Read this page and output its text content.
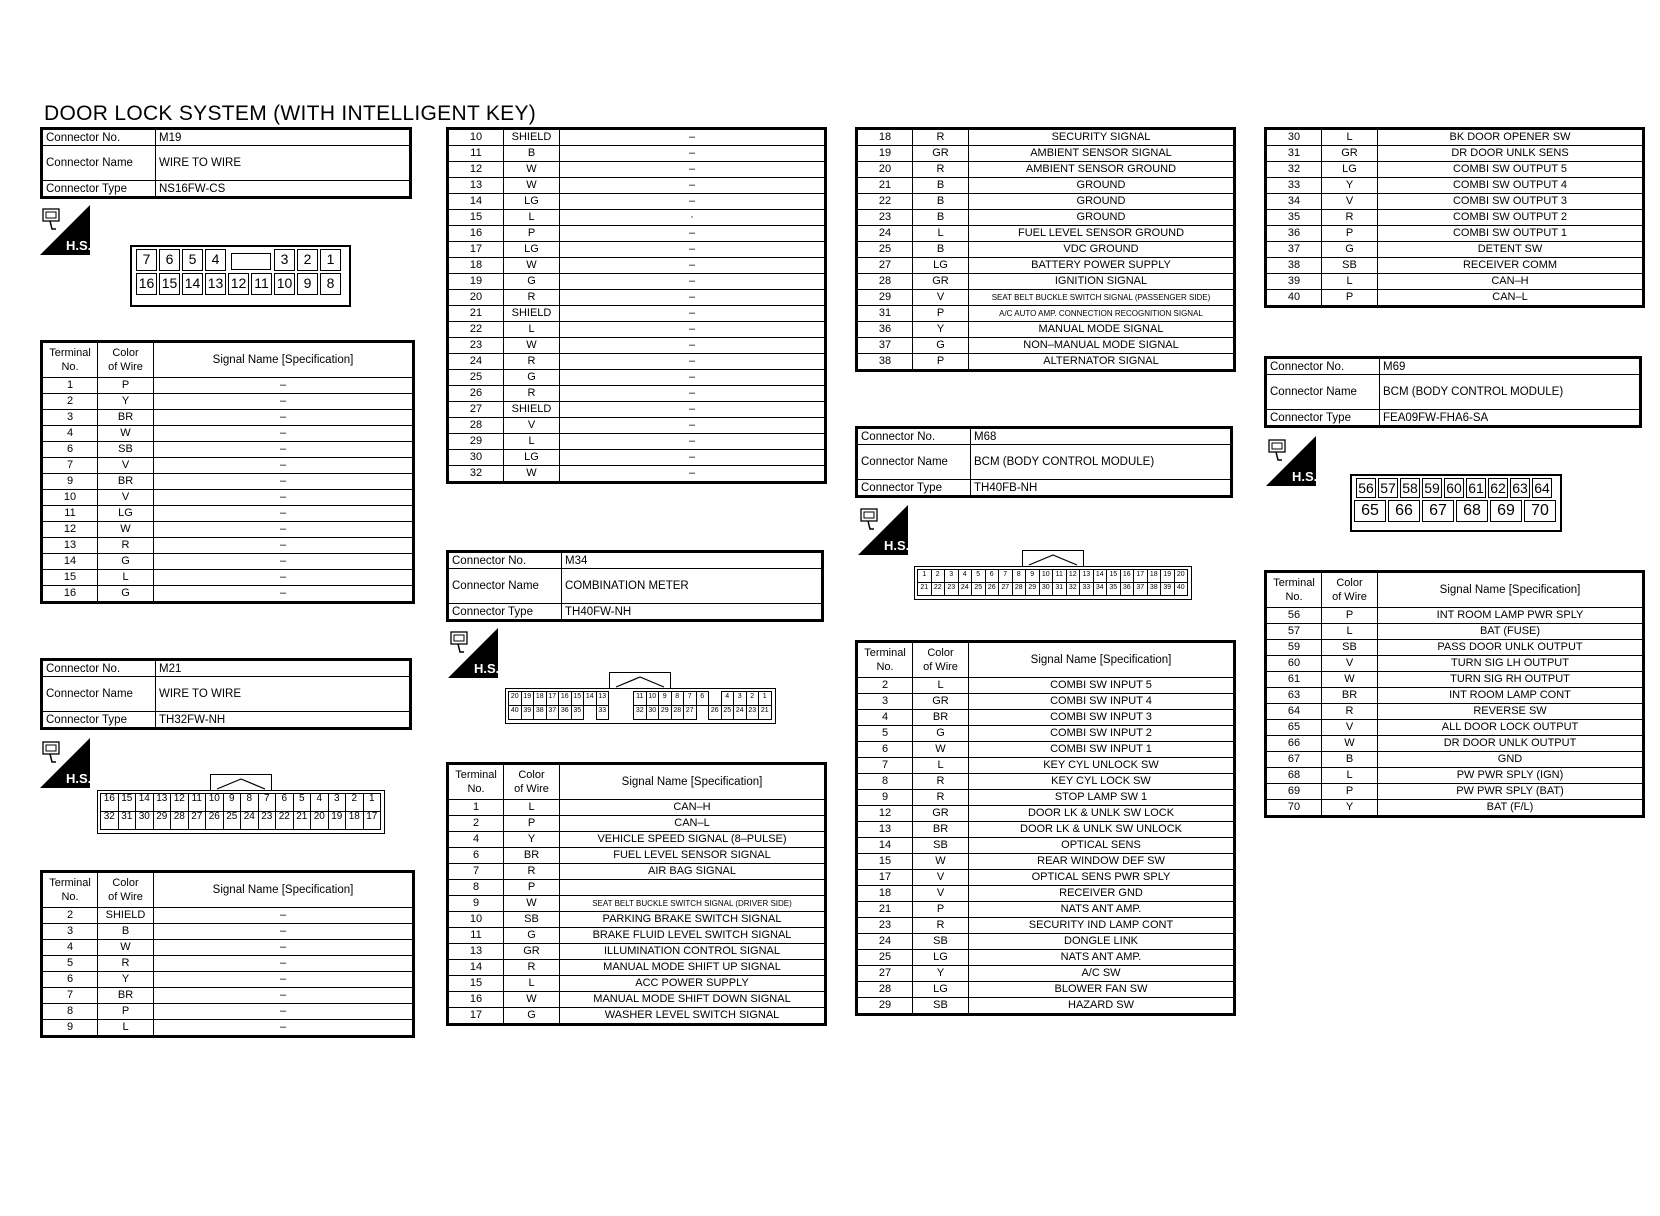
DOOR LOCK SYSTEM (WITH INTELLIGENT KEY)
Connector No.	M19
Connector Name	WIRE TO WIRE
Connector Type	NS16FW-CS
H.S.
7	6	5	4	3	2	1
16 15 14 13 12 11 10 9	8
Terminal
No.	Color
of Wire	Signal Name [Specification]
1	P	–
2	Y	–
3	BR	–
4	W	–
6	SB	–
7	V	–
9	BR	–
10	V	–
11	LG	–
12	W	–
13	R	–
14	G	–
15	L	–
16	G	–
Connector No.	M21
Connector Name	WIRE TO WIRE
Connector Type	TH32FW-NH
H.S.
16 15 14 13 12 11 10 9	8	7	6	5	4	3	2	1
32 31 30 29 28 27 26 25 24 23 22 21 20 19 18 17
Terminal
No.	Color
of Wire	Signal Name [Specification]
2	SHIELD	–
3	B	–
4	W	–
5	R	–
6	Y	–
7	BR	–
8	P	–
9	L	–
10	SHIELD	–
11	B	–
12	W	–
13	W	–
14	LG	–
15	L	·
16	P	–
17	LG	–
18	W	–
19	G	–
20	R	–
21	SHIELD	–
22	L	–
23	W	–
24	R	–
25	G	–
26	R	–
27	SHIELD	–
28	V	–
29	L	–
30	LG	–
32	W	–
Connector No.	M34
Connector Name	COMBINATION METER
Connector Type	TH40FW-NH
H.S.
20 19 18 17 16 15 14 13	11 10 9	8	7	6	4	3	2	1
40 39 38 37 36 35	33	32 30 29 28 27	26 25 24 23 21
Terminal
No.	Color
of Wire	Signal Name [Specification]
1	L	CAN–H
2	P	CAN–L
4	Y	VEHICLE SPEED SIGNAL (8–PULSE)
6	BR	FUEL LEVEL SENSOR SIGNAL
7	R	AIR BAG SIGNAL
8	P	
9	W	SEAT BELT BUCKLE SWITCH SIGNAL (DRIVER SIDE)
10	SB	PARKING BRAKE SWITCH SIGNAL
11	G	BRAKE FLUID LEVEL SWITCH SIGNAL
13	GR	ILLUMINATION CONTROL SIGNAL
14	R	MANUAL MODE SHIFT UP SIGNAL
15	L	ACC POWER SUPPLY
16	W	MANUAL MODE SHIFT DOWN SIGNAL
17	G	WASHER LEVEL SWITCH SIGNAL
18	R	SECURITY SIGNAL
19	GR	AMBIENT SENSOR SIGNAL
20	R	AMBIENT SENSOR GROUND
21	B	GROUND
22	B	GROUND
23	B	GROUND
24	L	FUEL LEVEL SENSOR GROUND
25	B	VDC GROUND
27	LG	BATTERY POWER SUPPLY
28	GR	IGNITION SIGNAL
29	V	SEAT BELT BUCKLE SWITCH SIGNAL (PASSENGER SIDE)
31	P	A/C AUTO AMP. CONNECTION RECOGNITION SIGNAL
36	Y	MANUAL MODE SIGNAL
37	G	NON–MANUAL MODE SIGNAL
38	P	ALTERNATOR SIGNAL
Connector No.	M68
Connector Name	BCM (BODY CONTROL MODULE)
Connector Type	TH40FB-NH
H.S.
1	2	3	4	5	6	7	8	9	10 11 12 13 14 15 16 17 18 19 20
21 22 23 24 25 26 27 28 29 30 31 32 33 34 35 36 37 38 39 40
Terminal
No.	Color
of Wire	Signal Name [Specification]
2	L	COMBI SW INPUT 5
3	GR	COMBI SW INPUT 4
4	BR	COMBI SW INPUT 3
5	G	COMBI SW INPUT 2
6	W	COMBI SW INPUT 1
7	L	KEY CYL UNLOCK SW
8	R	KEY CYL LOCK SW
9	R	STOP LAMP SW 1
12	GR	DOOR LK & UNLK SW LOCK
13	BR	DOOR LK & UNLK SW UNLOCK
14	SB	OPTICAL SENS
15	W	REAR WINDOW DEF SW
17	V	OPTICAL SENS PWR SPLY
18	V	RECEIVER GND
21	P	NATS ANT AMP.
23	R	SECURITY IND LAMP CONT
24	SB	DONGLE LINK
25	LG	NATS ANT AMP.
27	Y	A/C SW
28	LG	BLOWER FAN SW
29	SB	HAZARD SW
30	L	BK DOOR OPENER SW
31	GR	DR DOOR UNLK SENS
32	LG	COMBI SW OUTPUT 5
33	Y	COMBI SW OUTPUT 4
34	V	COMBI SW OUTPUT 3
35	R	COMBI SW OUTPUT 2
36	P	COMBI SW OUTPUT 1
37	G	DETENT SW
38	SB	RECEIVER COMM
39	L	CAN–H
40	P	CAN–L
Connector No.	M69
Connector Name	BCM (BODY CONTROL MODULE)
Connector Type	FEA09FW-FHA6-SA
H.S.
56 57 58 59 60 61 62 63 64
65	66	67	68	69	70
Terminal
No.	Color
of Wire	Signal Name [Specification]
56	P	INT ROOM LAMP PWR SPLY
57	L	BAT (FUSE)
59	SB	PASS DOOR UNLK OUTPUT
60	V	TURN SIG LH OUTPUT
61	W	TURN SIG RH OUTPUT
63	BR	INT ROOM LAMP CONT
64	R	REVERSE SW
65	V	ALL DOOR LOCK OUTPUT
66	W	DR DOOR UNLK OUTPUT
67	B	GND
68	L	PW PWR SPLY (IGN)
69	P	PW PWR SPLY (BAT)
70	Y	BAT (F/L)
